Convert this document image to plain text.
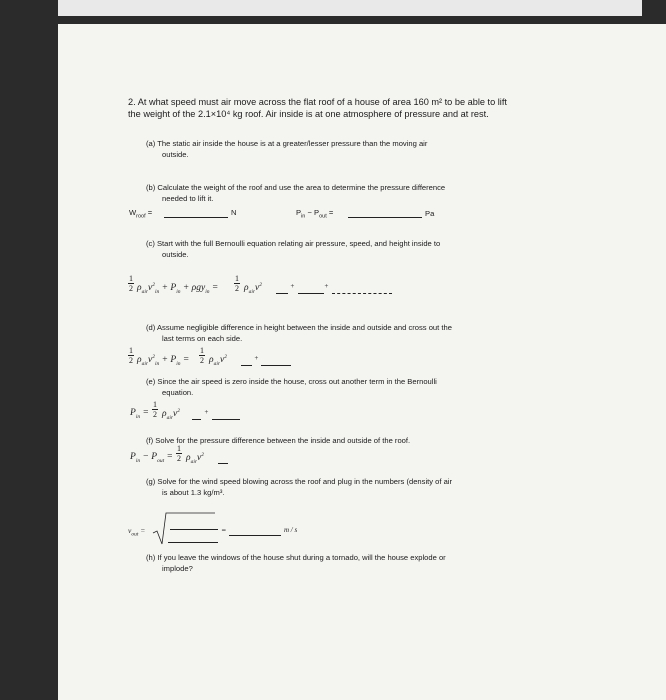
2. At what speed must air move across the flat roof of a house of area 160 m² to be able to lift
the weight of the 2.1×10⁴ kg roof. Air inside is at one atmosphere of pressure and at rest.
(a) The static air inside the house is at a greater/lesser pressure than the moving air
outside.
(b) Calculate the weight of the roof and use the area to determine the pressure difference
needed to lift it.
$W_{roof}$ =	N	$P_{in} - P_{out}$ =	Pa
(c) Start with the full Bernoulli equation relating air pressure, speed, and height inside to
outside.
1
2 $\rho_{air}v^2_{in} + P_{in} + \rho gy_{in}$ =
1
2 $\rho_{air}v^2$	+	+
(d) Assume negligible difference in height between the inside and outside and cross out the
last terms on each side.
1
2 $\rho_{air}v^2_{in} + P_{in}$ =
1
2 $\rho_{air}v^2$	+
(e) Since the air speed is zero inside the house, cross out another term in the Bernoulli
equation.
$P_{in}$ =
1
2 $\rho_{air}v^2$	+
(f) Solve for the pressure difference between the inside and outside of the roof.
$P_{in} - P_{out}$ =
1
2 $\rho_{air}v^2$
(g) Solve for the wind speed blowing across the roof and plug in the numbers (density of air
is about 1.3 kg/m³.
$v_{out}$ =	=	m / s
(h) If you leave the windows of the house shut during a tornado, will the house explode or
implode?
